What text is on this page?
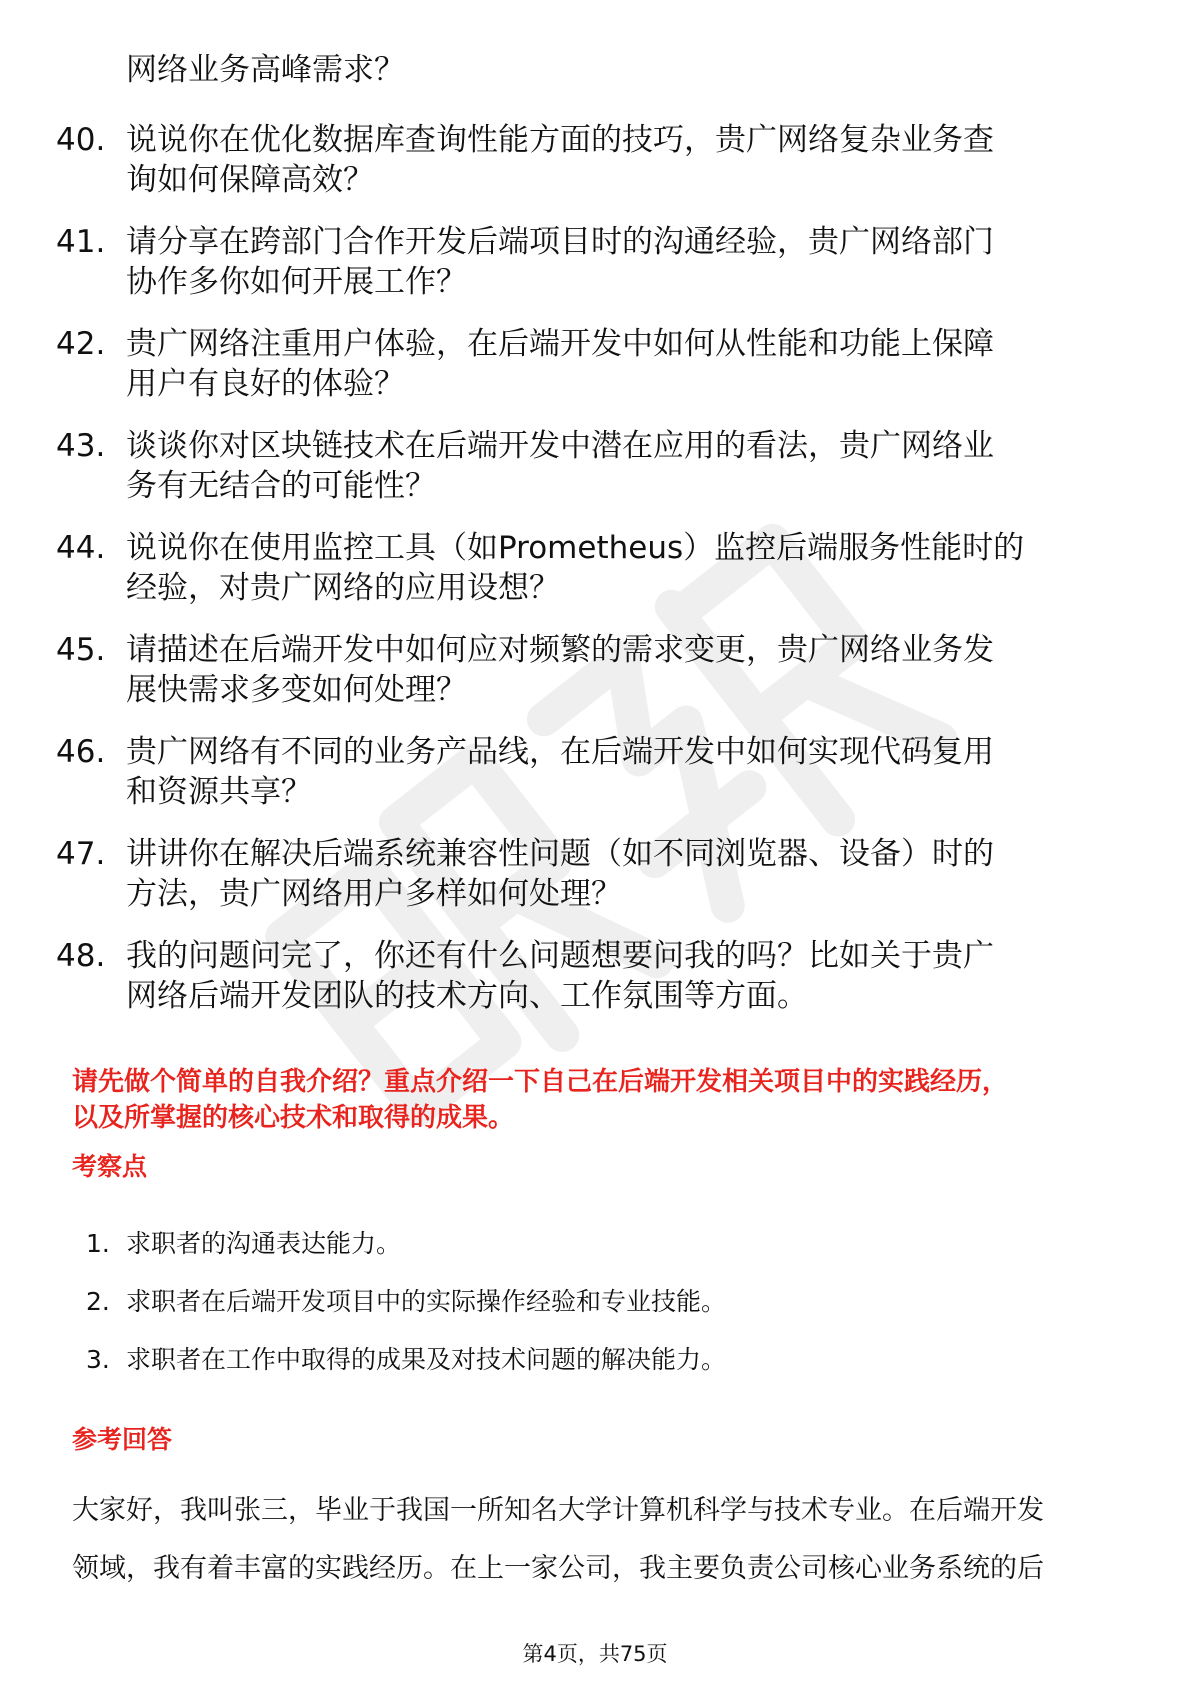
网络业务高峰需求？
40. 说说你在优化数据库查询性能方面的技巧，贵广网络复杂业务查
询如何保障高效？
41. 请分享在跨部门合作开发后端项目时的沟通经验，贵广网络部门
协作多你如何开展工作？
42. 贵广网络注重用户体验，在后端开发中如何从性能和功能上保障
用户有良好的体验？
43. 谈谈你对区块链技术在后端开发中潜在应用的看法，贵广网络业
务有无结合的可能性？
44. 说说你在使用监控工具（如Prometheus）监控后端服务性能时的
经验，对贵广网络的应用设想？
45. 请描述在后端开发中如何应对频繁的需求变更，贵广网络业务发
展快需求多变如何处理？
46. 贵广网络有不同的业务产品线，在后端开发中如何实现代码复用
和资源共享？
47. 讲讲你在解决后端系统兼容性问题（如不同浏览器、设备）时的
方法，贵广网络用户多样如何处理？
48. 我的问题问完了，你还有什么问题想要问我的吗？比如关于贵广
网络后端开发团队的技术方向、工作氛围等方面。
请先做个简单的自我介绍？重点介绍一下自己在后端开发相关项目中的实践经历，
以及所掌握的核心技术和取得的成果。
考察点
1. 求职者的沟通表达能力。
2. 求职者在后端开发项目中的实际操作经验和专业技能。
3. 求职者在工作中取得的成果及对技术问题的解决能力。
参考回答

大家好，我叫张三，毕业于我国一所知名大学计算机科学与技术专业。在后端开发
领域，我有着丰富的实践经历。在上一家公司，我主要负责公司核心业务系统的后

第4页，共75页
